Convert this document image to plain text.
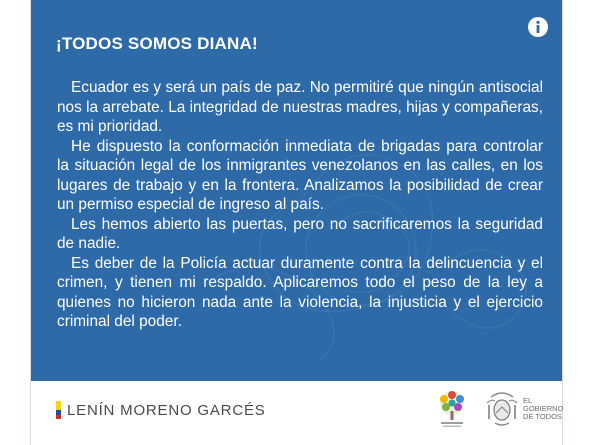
¡TODOS SOMOS DIANA!

Ecuador es y será un país de paz. No permitiré que ningún antisocial nos la arrebate. La integridad de nuestras madres, hijas y compañeras, es mi prioridad.

He dispuesto la conformación inmediata de brigadas para controlar la situación legal de los inmigrantes venezolanos en las calles, en los lugares de trabajo y en la frontera. Analizamos la posibilidad de crear un permiso especial de ingreso al país.

Les hemos abierto las puertas, pero no sacrificaremos la seguridad de nadie.

Es deber de la Policía actuar duramente contra la delincuencia y el crimen, y tienen mi respaldo. Aplicaremos todo el peso de la ley a quienes no hicieron nada ante la violencia, la injusticia y el ejercicio criminal del poder.

LENÍN MORENO GARCÉS
EL
GOBIERNO
DE TODOS
